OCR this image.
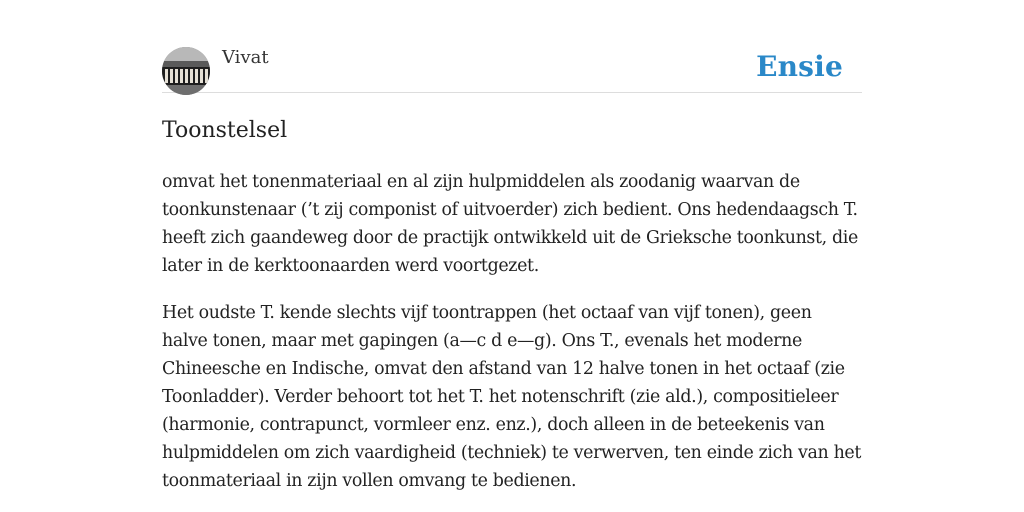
Vivat	Ensie
Toonstelsel

omvat het tonenmateriaal en al zijn hulpmiddelen als zoodanig waarvan de toonkunstenaar (’t zij componist of uitvoerder) zich bedient. Ons hedendaagsch T. heeft zich gaandeweg door de practijk ontwikkeld uit de Grieksche toonkunst, die later in de kerktoonaarden werd voortgezet.

Het oudste T. kende slechts vijf toontrappen (het octaaf van vijf tonen), geen halve tonen, maar met gapingen (a—c d e—g). Ons T., evenals het moderne Chineesche en Indische, omvat den afstand van 12 halve tonen in het octaaf (zie Toonladder). Verder behoort tot het T. het notenschrift (zie ald.), compositieleer (harmonie, contrapunct, vormleer enz. enz.), doch alleen in de beteekenis van hulpmiddelen om zich vaardigheid (techniek) te verwerven, ten einde zich van het toonmateriaal in zijn vollen omvang te bedienen.
